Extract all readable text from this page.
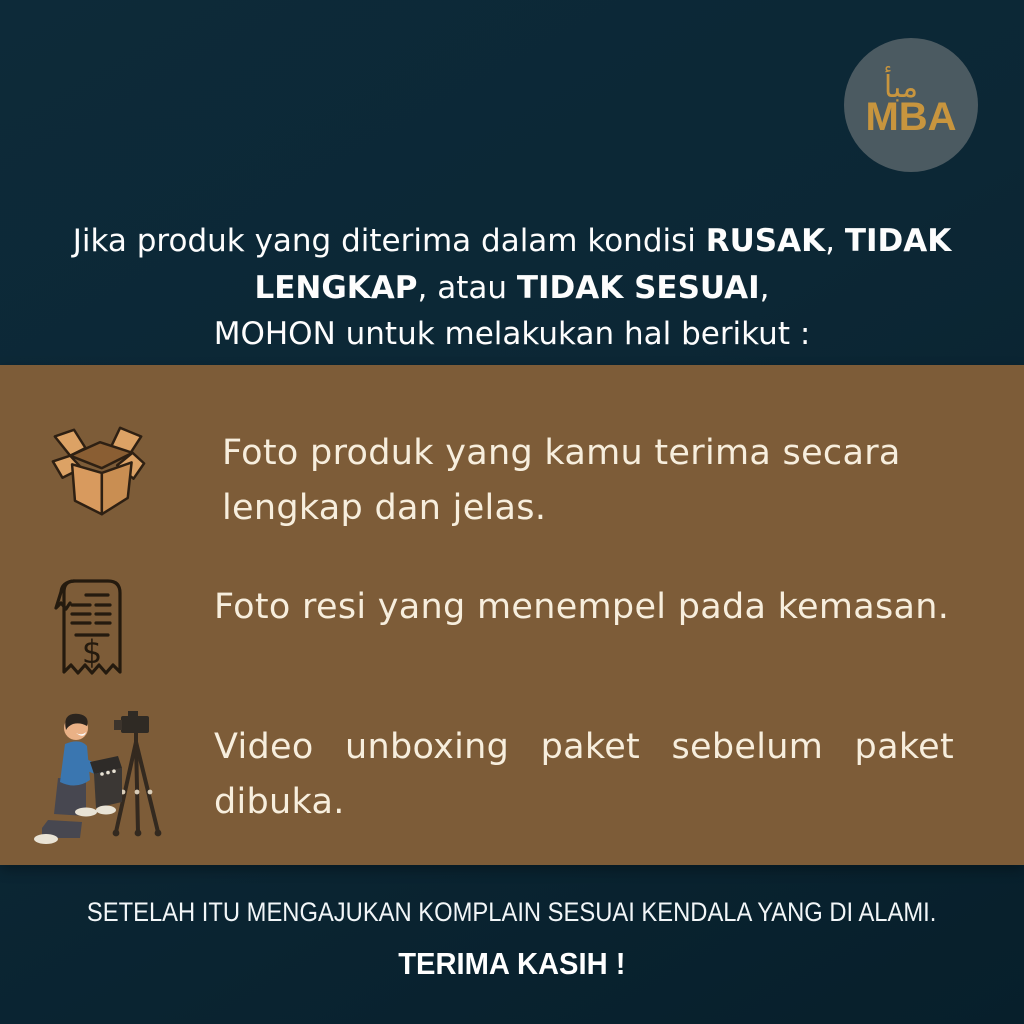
مبأ
MBA
Jika produk yang diterima dalam kondisi RUSAK, TIDAK
LENGKAP, atau TIDAK SESUAI,
MOHON untuk melakukan hal berikut :
Foto produk yang kamu terima secara lengkap dan jelas.
$
Foto resi yang menempel pada kemasan.
Video unboxing paket sebelum paket dibuka.
SETELAH ITU MENGAJUKAN KOMPLAIN SESUAI KENDALA YANG DI ALAMI.
TERIMA KASIH !
